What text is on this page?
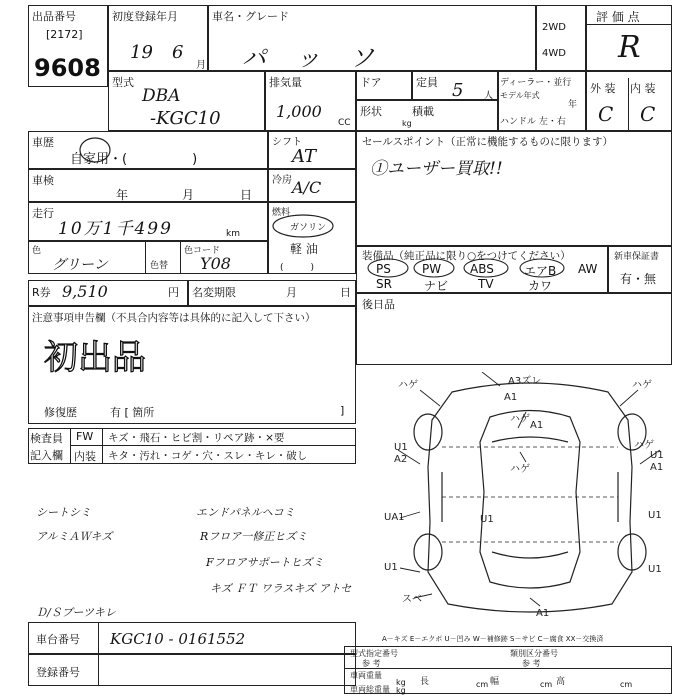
出品番号
[2172]
9608
初度登録年月
19 6
月
車名・グレード
パッソ
2WD
4WD
評 価 点
R
型式
DBA
-KGC10
排気量
1,000
CC
ドア	定員 5 人
ディーラー・並行
モデル年式
年
ハンドル 左・右
形状	積載
kg
外 装 内 装
C C
車歴
自家用・(　　　　　)
シフト
AT
車検
年	月	日
冷房 A/C
走行
10万1千499	km
燃料
ガソリン
軽 油
(　　　)
色
グリーン	色替
色コード
Y08
R券 9,510	円 名変期限	月	日
注意事項申告欄（不具合内容等は具体的に記入して下さい）
初出品
修復歴	有 [ 箇所	]
セールスポイント（正常に機能するものに限ります）
①ユーザー買取!!
装備品（純正品に限り○をつけてください）
PS	PW ABS	エアB AW
SR	ナビ TV	カワ
新車保証書
有・無
後日品
検査員
記入欄
FW キズ・飛石・ヒビ割・リペア跡・×要
内装 キタ・汚れ・コゲ・穴・スレ・キレ・破し
シートシミ
アルミＡＷキズ
エンドパネルヘコミ
Rフロア一修正ヒズミ
Fフロアサポートヒズミ
キズ ＦＴ ワラスキズ アトセ
Ｄ/Ｓブーツキレ
A3ズレ
A1
A1
ハゲ	ハゲ
ハゲ
ハゲ
ハゲ
U1
A2	U1
A1
UA1	U1
U1	U1
A1
スベ
U1
A－キズ E－エクボ U－凹み W－補修跡 S－サビ C－腐食 XX－交換済
車台番号 KGC10 - 0161552
登録番号
型式指定番号
参 考
類別区分番号
参 考
車両重量
kg 長	cm 幅	cm 高	cm
車両総重量 kg
